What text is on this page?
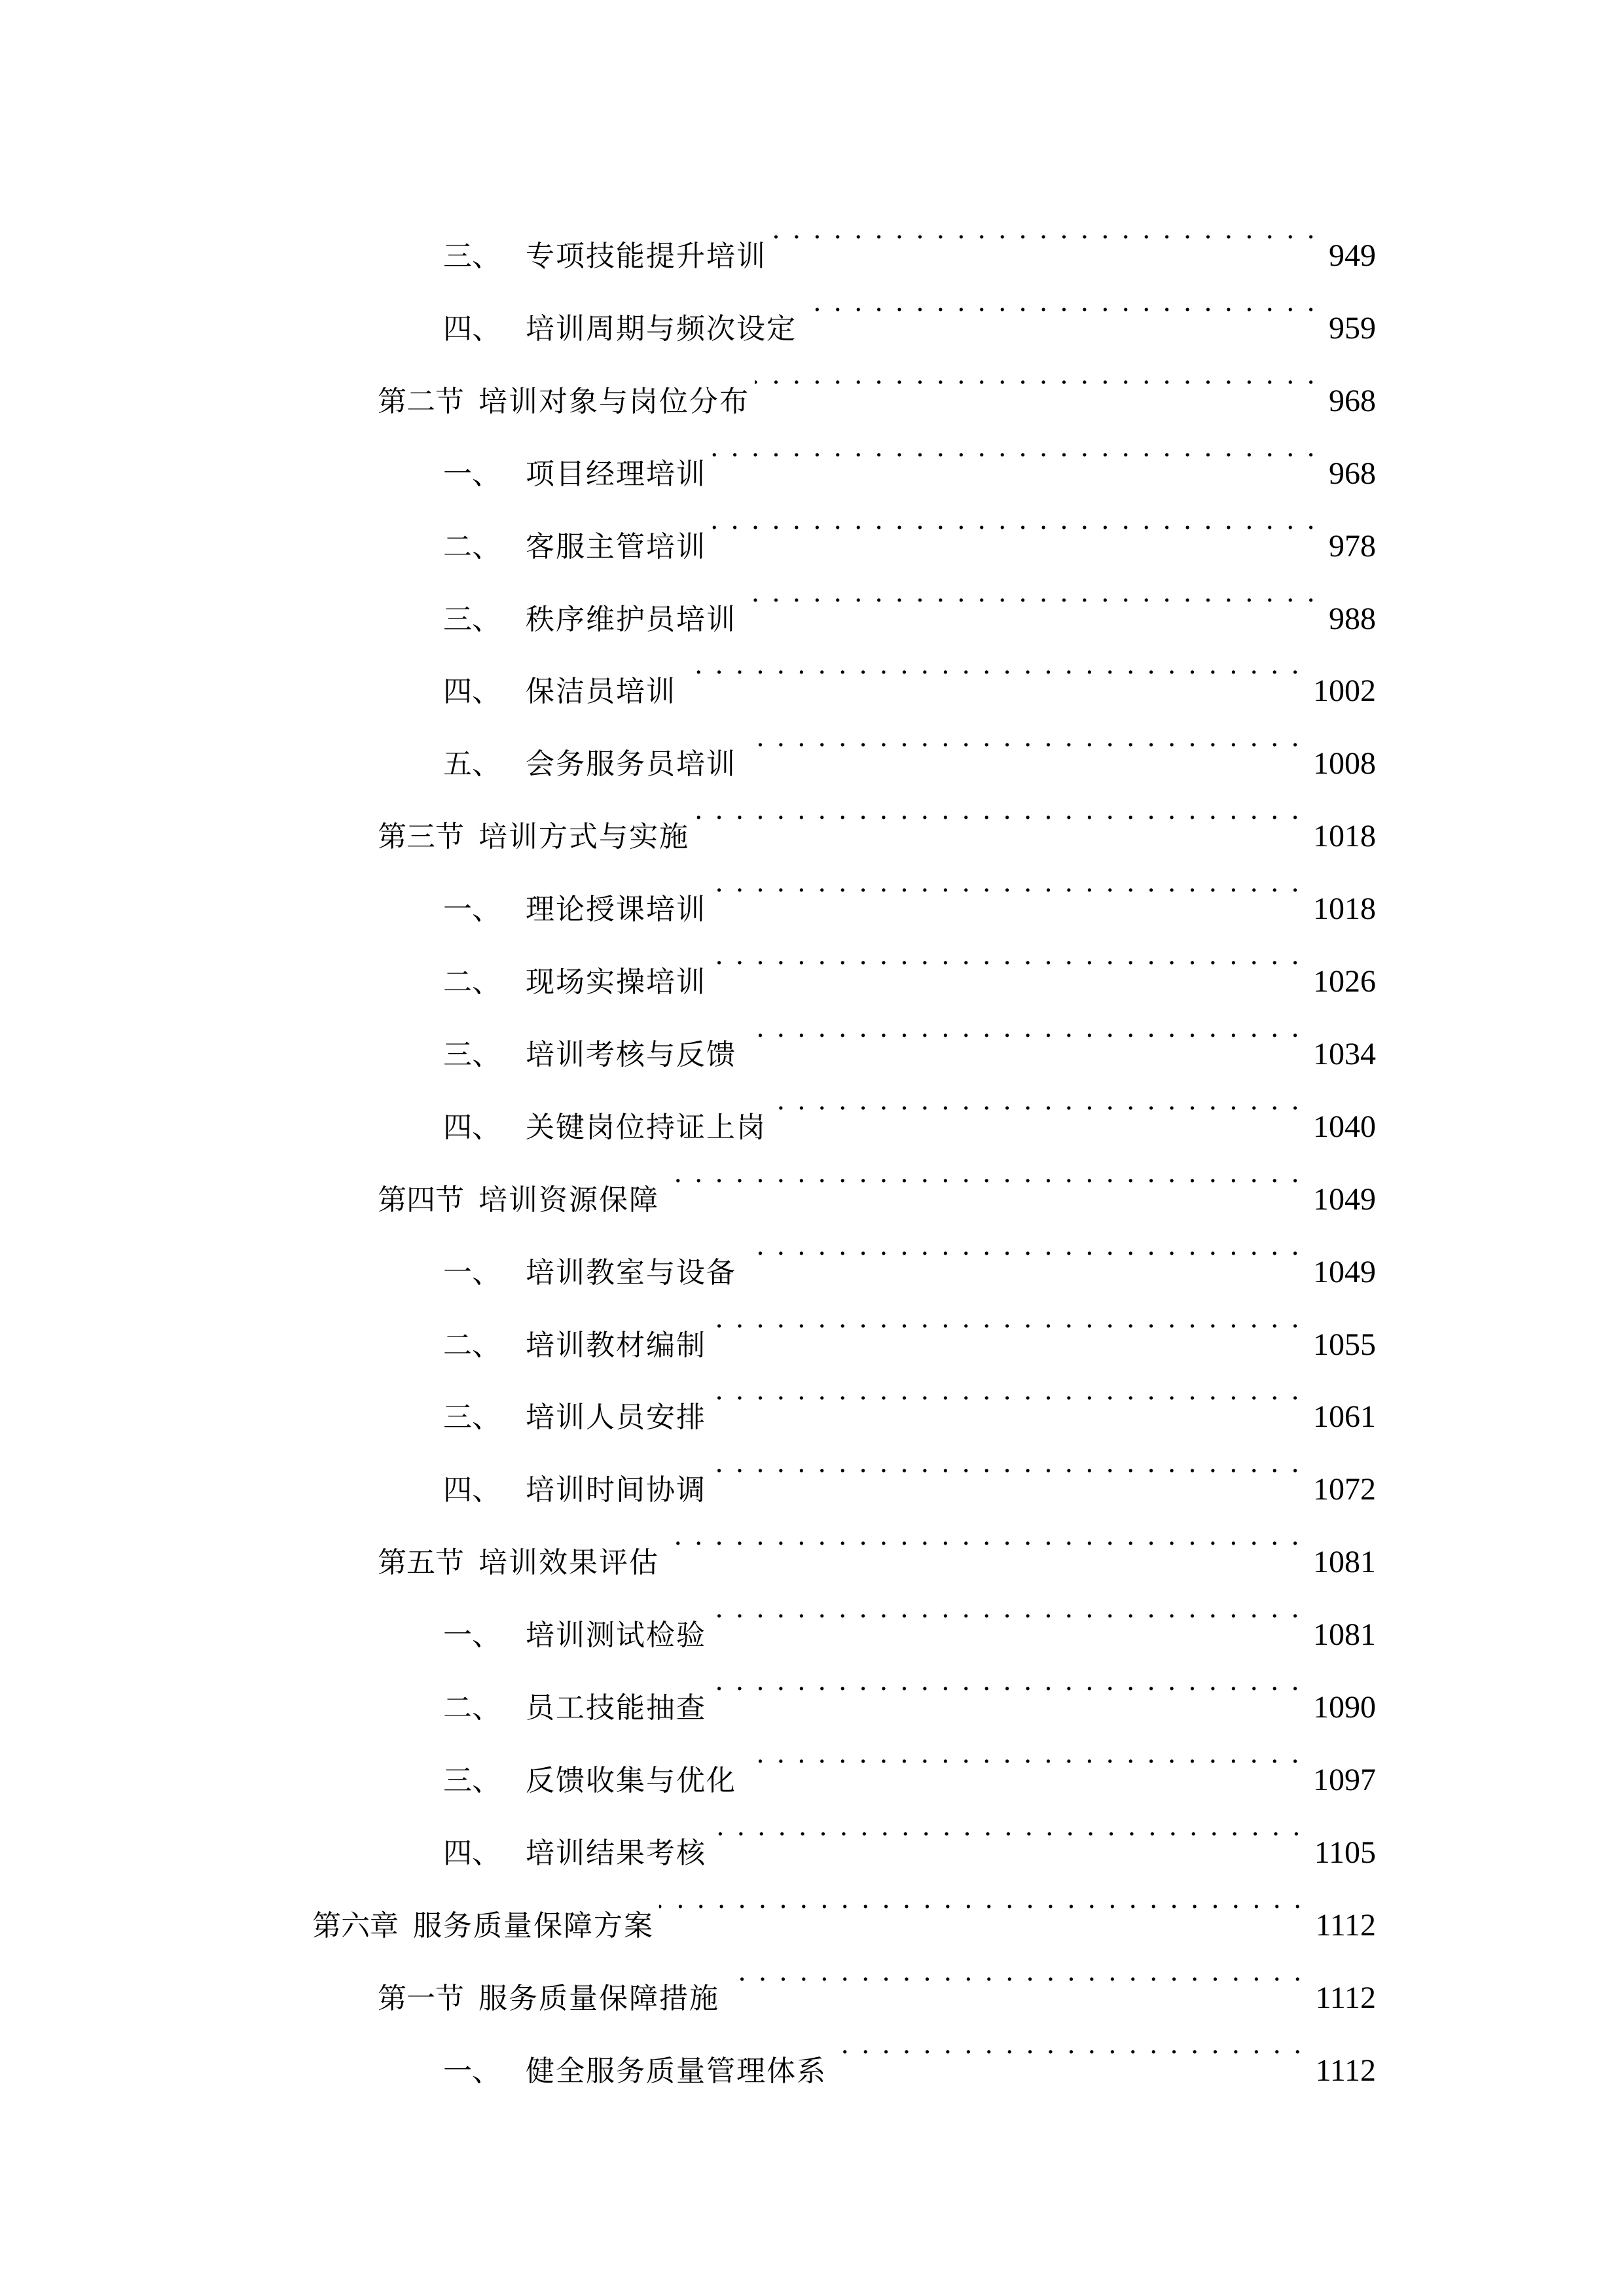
三、 专项技能提升培训 . . .	949
四、 培训周期与频次设定 . . .	959
第二节 培训对象与岗位分布 . . .	968
一、 项目经理培训 . . .	968
二、 客服主管培训 . . .	978
三、 秩序维护员培训 . . .	988
四、 保洁员培训 . . .	1002
五、 会务服务员培训 . . .	1008
第三节 培训方式与实施 . . .	1018
一、 理论授课培训 . . .	1018
二、 现场实操培训 . . .	1026
三、 培训考核与反馈 . . .	1034
四、 关键岗位持证上岗 . . .	1040
第四节 培训资源保障 . . .	1049
一、 培训教室与设备 . . .	1049
二、 培训教材编制 . . .	1055
三、 培训人员安排 . . .	1061
四、 培训时间协调 . . .	1072
第五节 培训效果评估 . . .	1081
一、 培训测试检验 . . .	1081
二、 员工技能抽查 . . .	1090
三、 反馈收集与优化 . . .	1097
四、 培训结果考核 . . .	1105
第六章 服务质量保障方案 . . .	1112
第一节 服务质量保障措施 . . .	1112
一、 健全服务质量管理体系 . . .	1112
